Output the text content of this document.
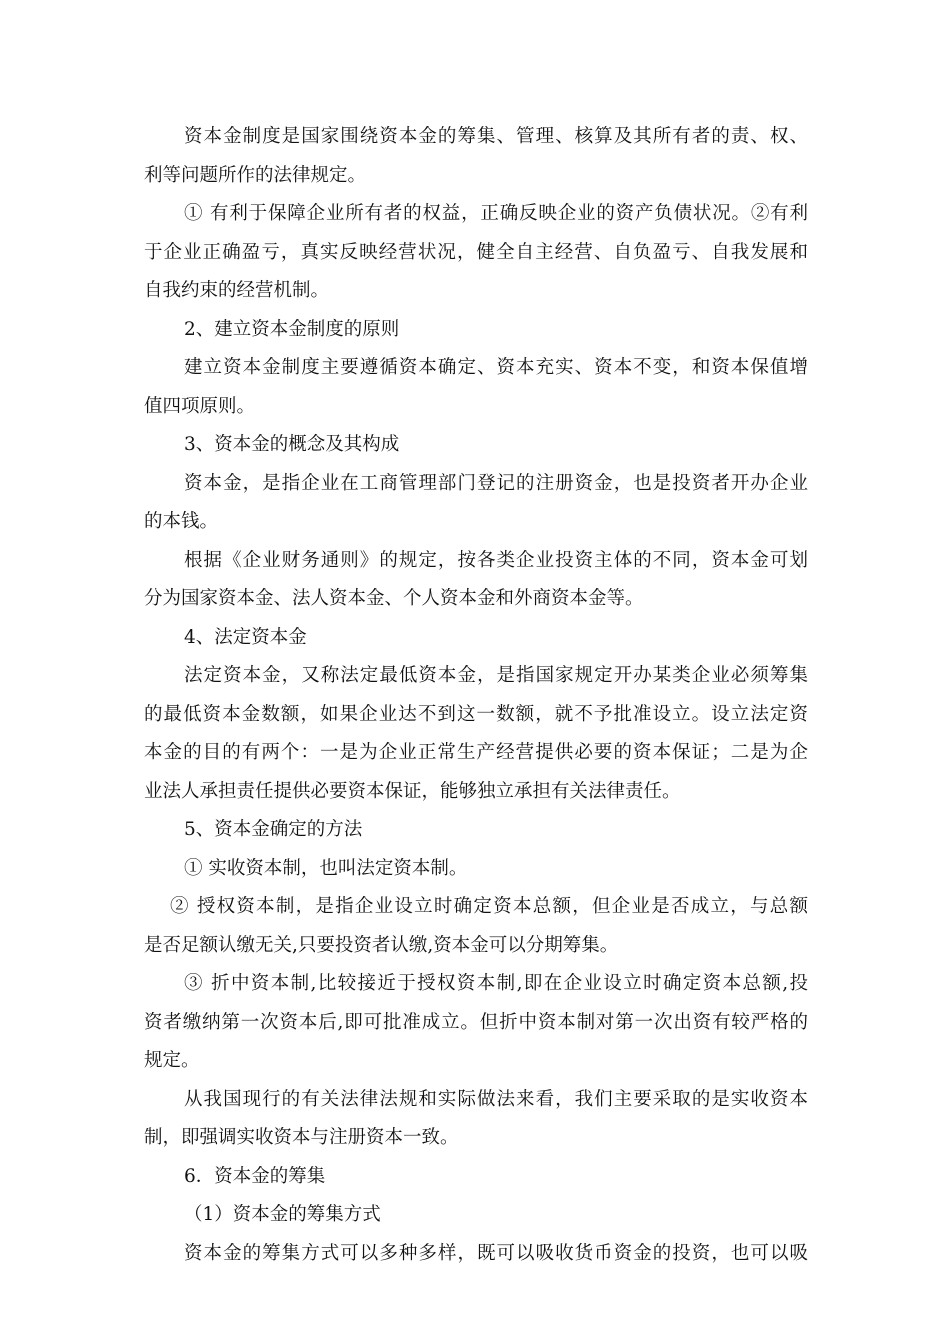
资本金制度是国家围绕资本金的筹集、管理、核算及其所有者的责、权、
利等问题所作的法律规定。
① 有利于保障企业所有者的权益，正确反映企业的资产负债状况。②有利
于企业正确盈亏，真实反映经营状况，健全自主经营、自负盈亏、自我发展和
自我约束的经营机制。
2、建立资本金制度的原则
建立资本金制度主要遵循资本确定、资本充实、资本不变，和资本保值增
值四项原则。
3、资本金的概念及其构成
资本金，是指企业在工商管理部门登记的注册资金，也是投资者开办企业
的本钱。
根据《企业财务通则》的规定，按各类企业投资主体的不同，资本金可划
分为国家资本金、法人资本金、个人资本金和外商资本金等。
4、法定资本金
法定资本金，又称法定最低资本金，是指国家规定开办某类企业必须筹集
的最低资本金数额，如果企业达不到这一数额，就不予批准设立。设立法定资
本金的目的有两个：一是为企业正常生产经营提供必要的资本保证；二是为企
业法人承担责任提供必要资本保证，能够独立承担有关法律责任。
5、资本金确定的方法
① 实收资本制，也叫法定资本制。
② 授权资本制，是指企业设立时确定资本总额，但企业是否成立，与总额
是否足额认缴无关,只要投资者认缴,资本金可以分期筹集。
③ 折中资本制,比较接近于授权资本制,即在企业设立时确定资本总额,投
资者缴纳第一次资本后,即可批准成立。但折中资本制对第一次出资有较严格的
规定。
从我国现行的有关法律法规和实际做法来看，我们主要采取的是实收资本
制，即强调实收资本与注册资本一致。
6．资本金的筹集
（1）资本金的筹集方式
资本金的筹集方式可以多种多样，既可以吸收货币资金的投资，也可以吸
